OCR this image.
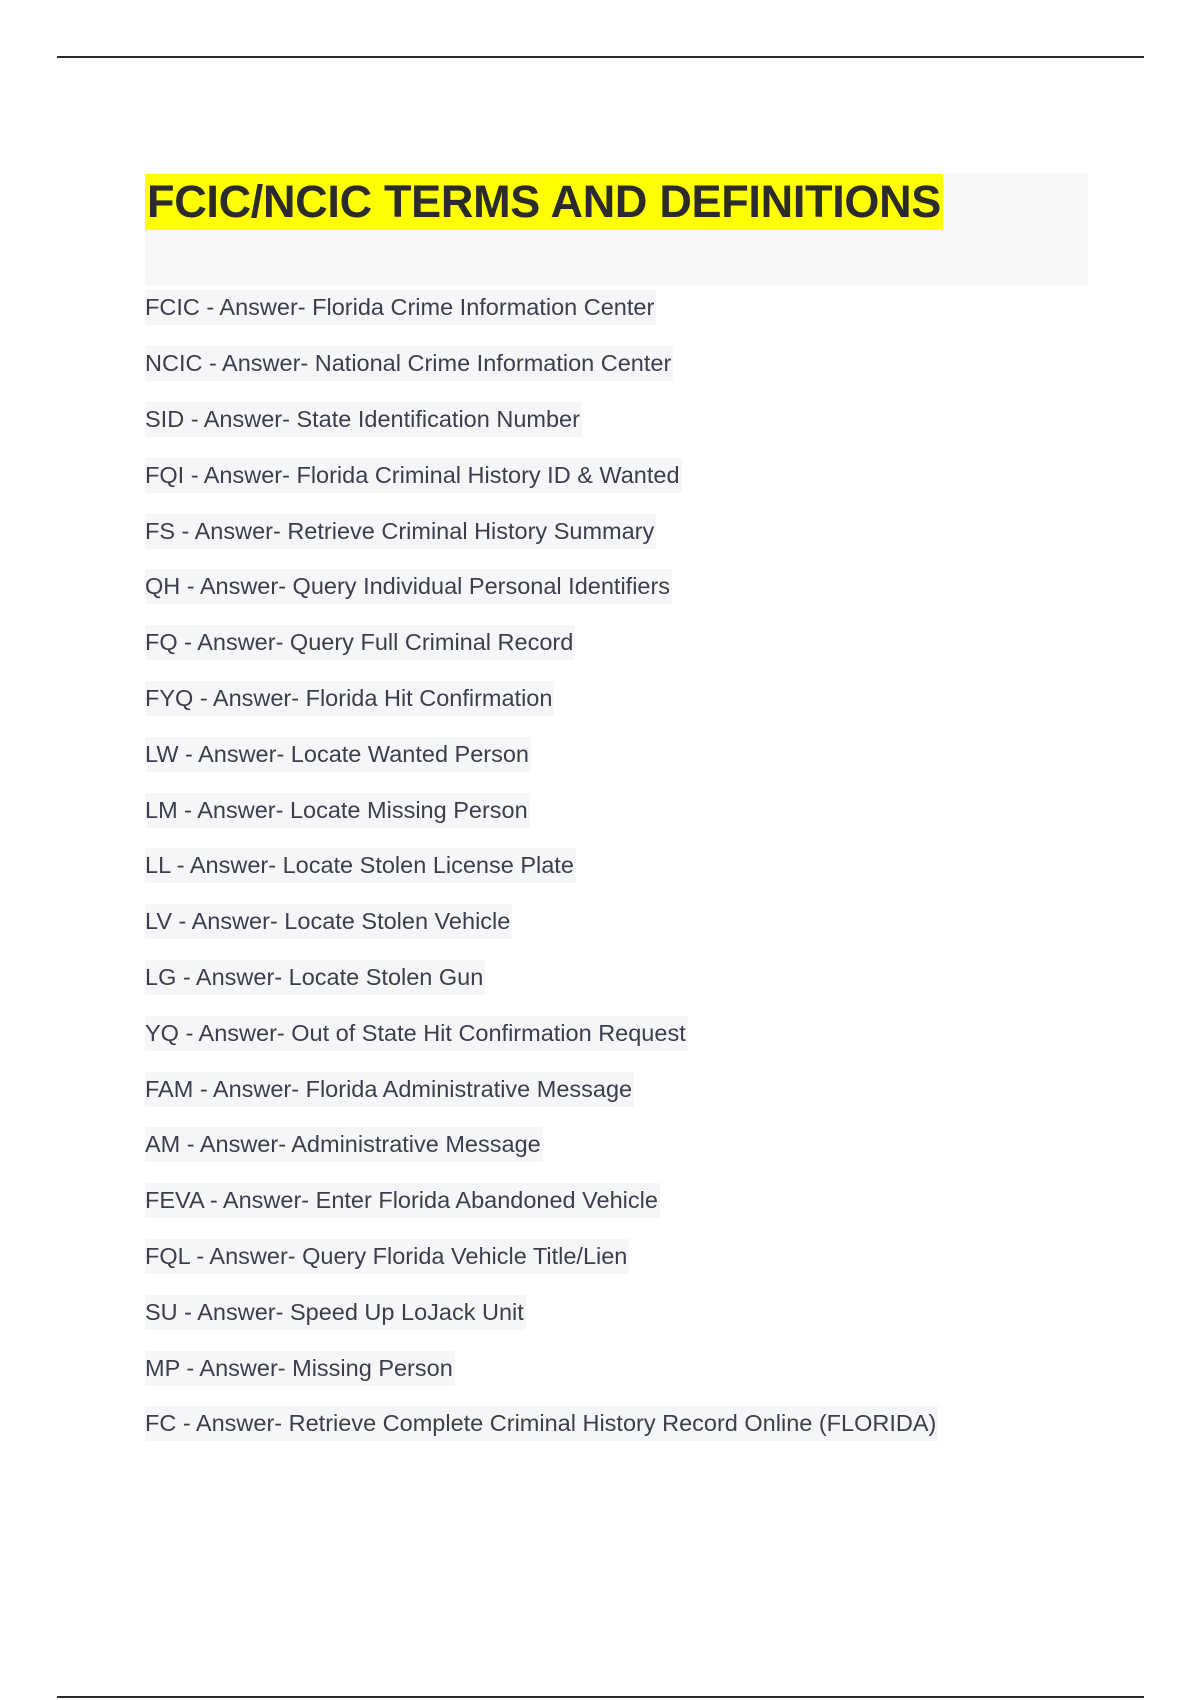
FCIC/NCIC TERMS AND DEFINITIONS
FCIC - Answer- Florida Crime Information Center
NCIC - Answer- National Crime Information Center
SID - Answer- State Identification Number
FQI - Answer- Florida Criminal History ID & Wanted
FS - Answer- Retrieve Criminal History Summary
QH - Answer- Query Individual Personal Identifiers
FQ - Answer- Query Full Criminal Record
FYQ - Answer- Florida Hit Confirmation
LW - Answer- Locate Wanted Person
LM - Answer- Locate Missing Person
LL - Answer- Locate Stolen License Plate
LV - Answer- Locate Stolen Vehicle
LG - Answer- Locate Stolen Gun
YQ - Answer- Out of State Hit Confirmation Request
FAM - Answer- Florida Administrative Message
AM - Answer- Administrative Message
FEVA - Answer- Enter Florida Abandoned Vehicle
FQL - Answer- Query Florida Vehicle Title/Lien
SU - Answer- Speed Up LoJack Unit
MP - Answer- Missing Person
FC - Answer- Retrieve Complete Criminal History Record Online (FLORIDA)
